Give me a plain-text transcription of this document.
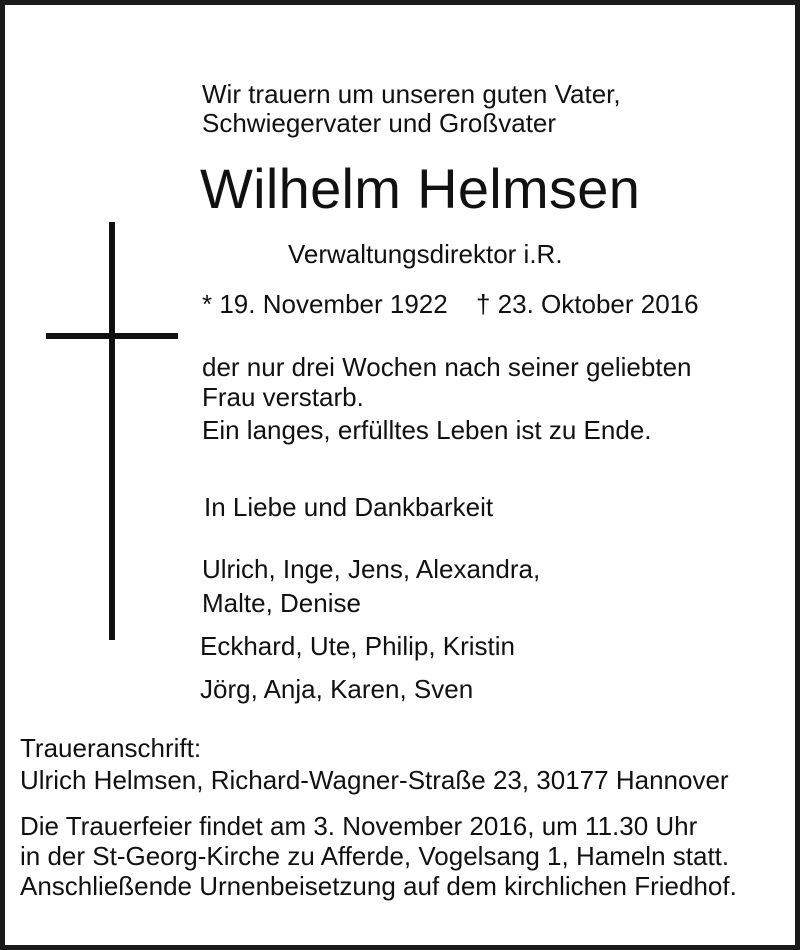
Wir trauern um unseren guten Vater,
Schwiegervater und Großvater
Wilhelm Helmsen
Verwaltungsdirektor i.R.
* 19. November 1922 † 23. Oktober 2016
der nur drei Wochen nach seiner geliebten
Frau verstarb.
Ein langes, erfülltes Leben ist zu Ende.
In Liebe und Dankbarkeit
Ulrich, Inge, Jens, Alexandra,
Malte, Denise
Eckhard, Ute, Philip, Kristin
Jörg, Anja, Karen, Sven
Traueranschrift:
Ulrich Helmsen, Richard-Wagner-Straße 23, 30177 Hannover
Die Trauerfeier findet am 3. November 2016, um 11.30 Uhr
in der St-Georg-Kirche zu Afferde, Vogelsang 1, Hameln statt.
Anschließende Urnenbeisetzung auf dem kirchlichen Friedhof.
